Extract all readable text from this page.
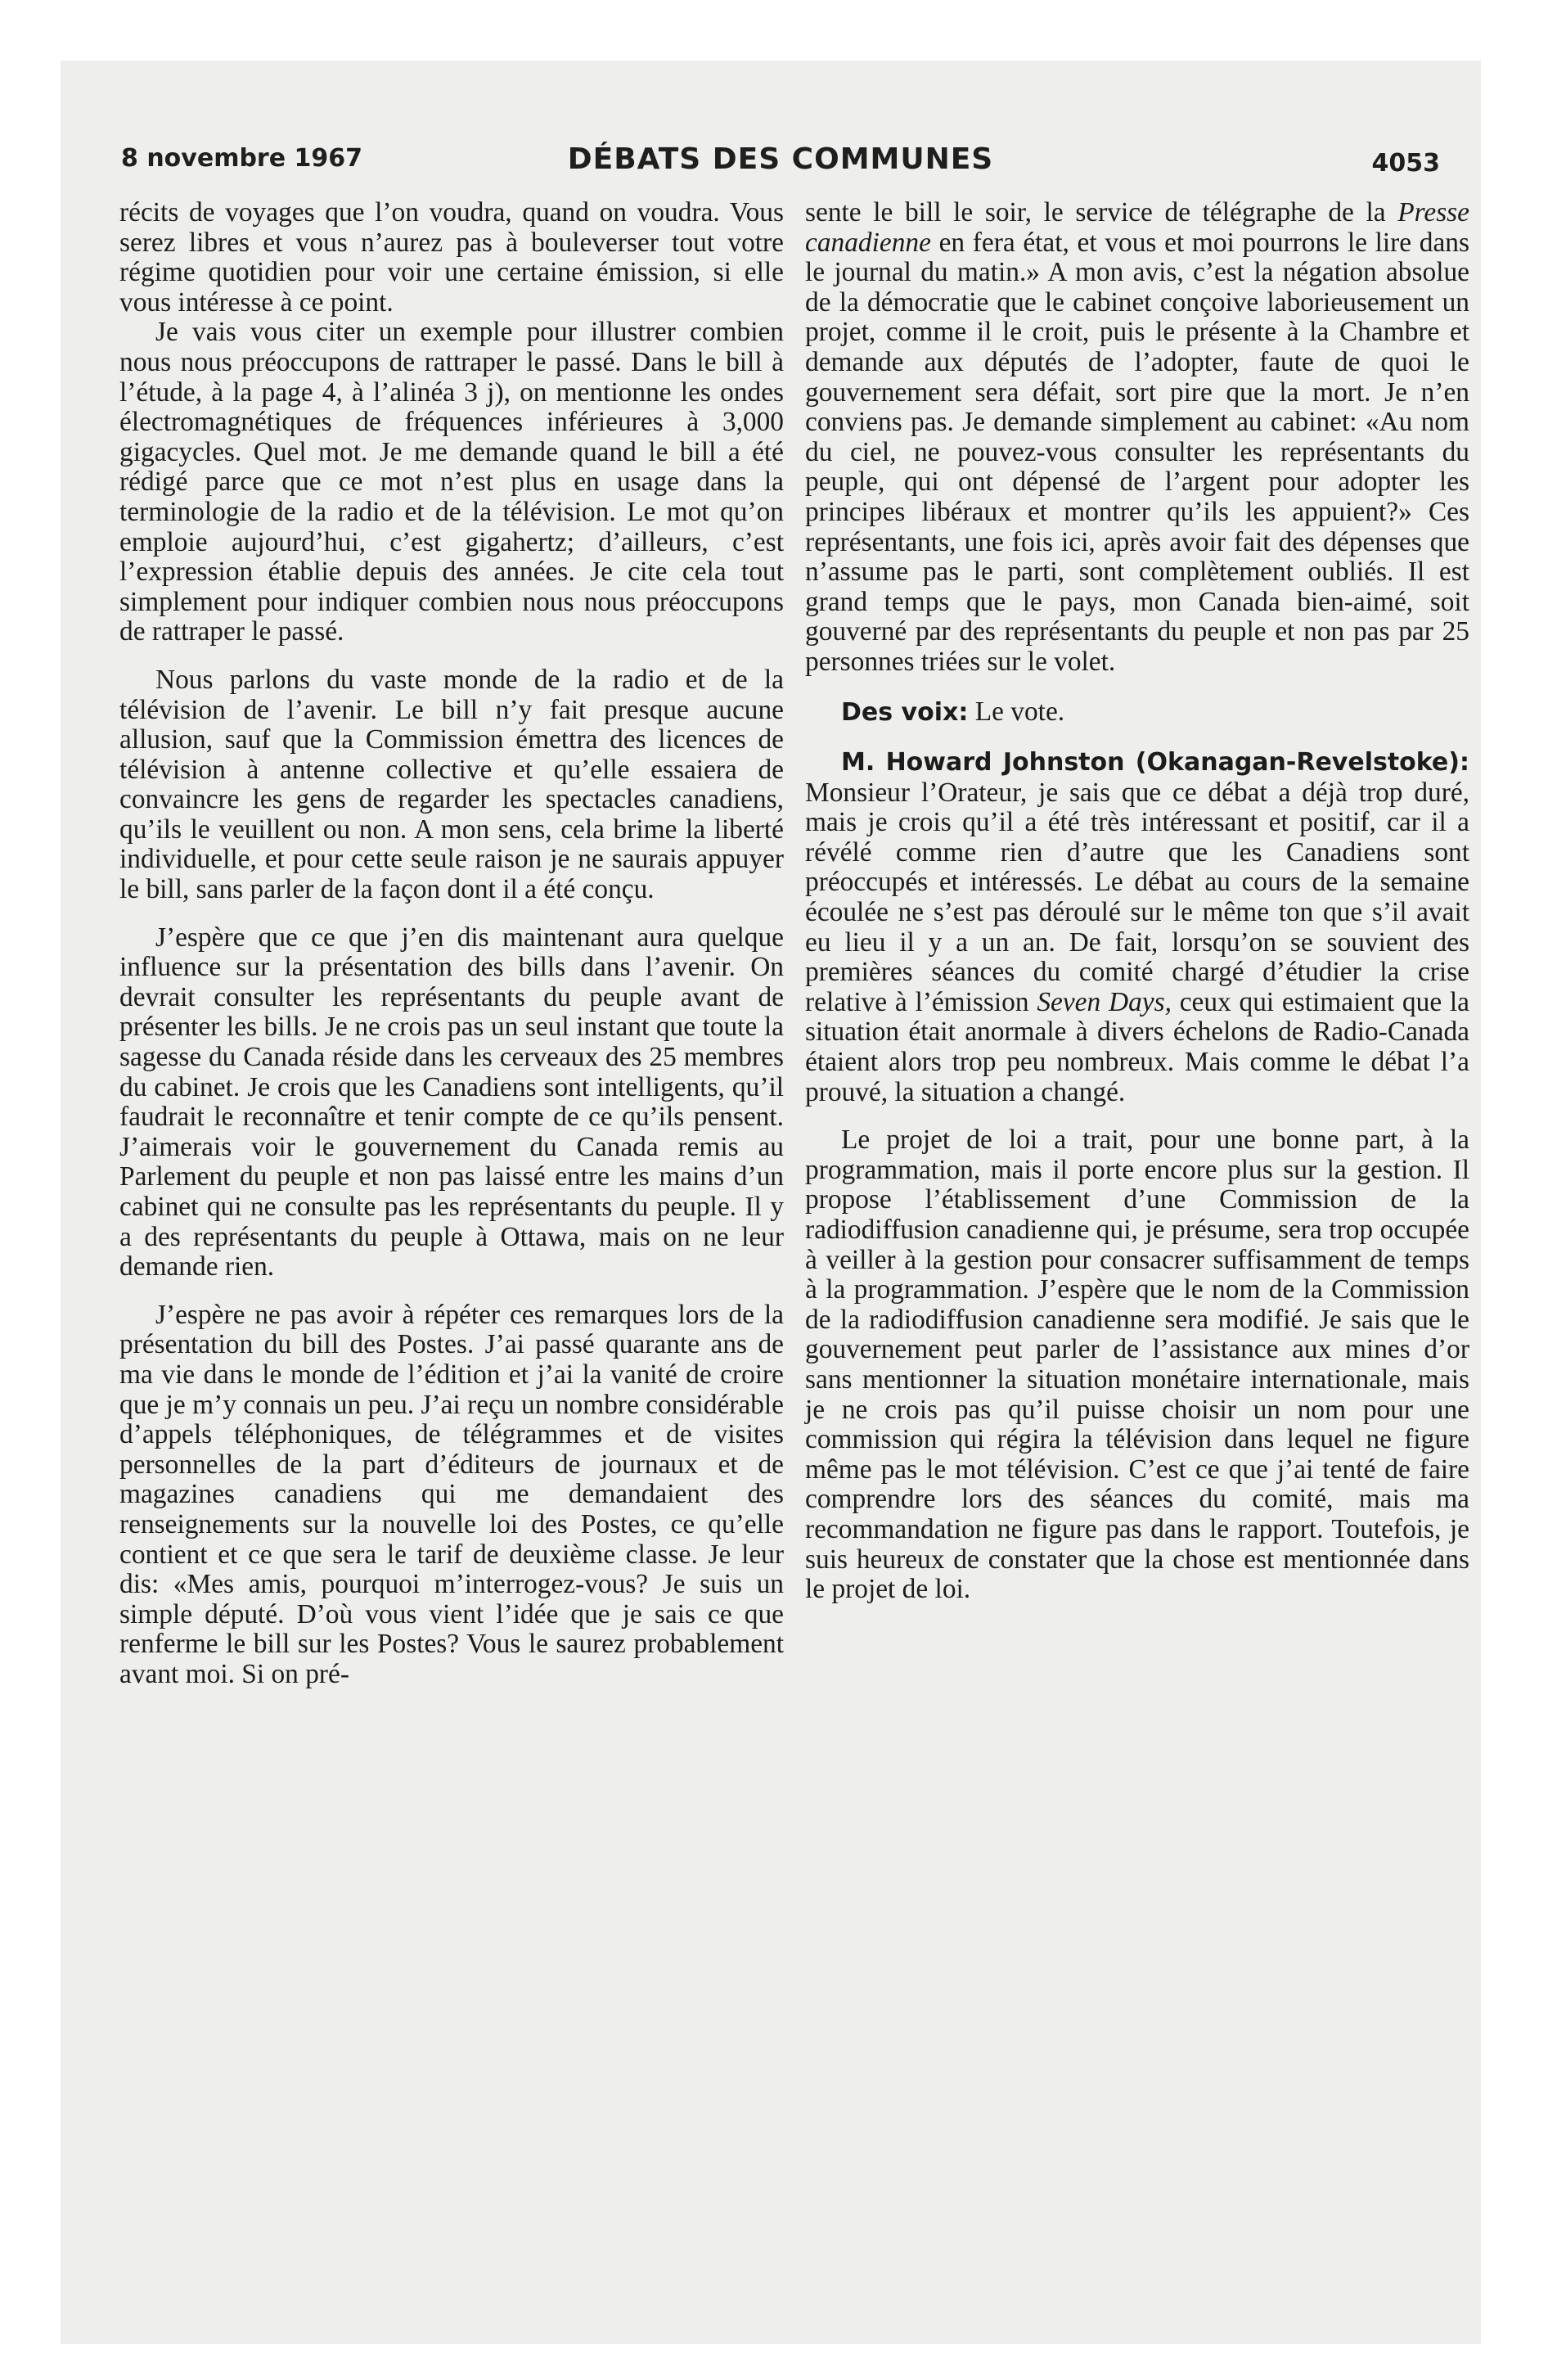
8 novembre 1967	DÉBATS DES COMMUNES	4053

récits de voyages que l’on voudra, quand on voudra. Vous serez libres et vous n’aurez pas à bouleverser tout votre régime quotidien pour voir une certaine émission, si elle vous intéresse à ce point.

Je vais vous citer un exemple pour illustrer combien nous nous préoccupons de rattraper le passé. Dans le bill à l’étude, à la page 4, à l’alinéa 3 j), on mentionne les ondes électromagnétiques de fréquences inférieures à 3,000 gigacycles. Quel mot. Je me demande quand le bill a été rédigé parce que ce mot n’est plus en usage dans la terminologie de la radio et de la télévision. Le mot qu’on emploie aujourd’hui, c’est gigahertz; d’ailleurs, c’est l’expression établie depuis des années. Je cite cela tout simplement pour indiquer combien nous nous préoccupons de rattraper le passé.

Nous parlons du vaste monde de la radio et de la télévision de l’avenir. Le bill n’y fait presque aucune allusion, sauf que la Commission émettra des licences de télévision à antenne collective et qu’elle essaiera de convaincre les gens de regarder les spectacles canadiens, qu’ils le veuillent ou non. A mon sens, cela brime la liberté individuelle, et pour cette seule raison je ne saurais appuyer le bill, sans parler de la façon dont il a été conçu.

J’espère que ce que j’en dis maintenant aura quelque influence sur la présentation des bills dans l’avenir. On devrait consulter les représentants du peuple avant de présenter les bills. Je ne crois pas un seul instant que toute la sagesse du Canada réside dans les cerveaux des 25 membres du cabinet. Je crois que les Canadiens sont intelligents, qu’il faudrait le reconnaître et tenir compte de ce qu’ils pensent. J’aimerais voir le gouvernement du Canada remis au Parlement du peuple et non pas laissé entre les mains d’un cabinet qui ne consulte pas les représentants du peuple. Il y a des représentants du peuple à Ottawa, mais on ne leur demande rien.

J’espère ne pas avoir à répéter ces remarques lors de la présentation du bill des Postes. J’ai passé quarante ans de ma vie dans le monde de l’édition et j’ai la vanité de croire que je m’y connais un peu. J’ai reçu un nombre considérable d’appels téléphoniques, de télégrammes et de visites personnelles de la part d’éditeurs de journaux et de magazines canadiens qui me demandaient des renseignements sur la nouvelle loi des Postes, ce qu’elle contient et ce que sera le tarif de deuxième classe. Je leur dis: «Mes amis, pourquoi m’interrogez-vous? Je suis un simple député. D’où vous vient l’idée que je sais ce que renferme le bill sur les Postes? Vous le saurez probablement avant moi. Si on pré-

sente le bill le soir, le service de télégraphe de la Presse canadienne en fera état, et vous et moi pourrons le lire dans le journal du matin.» A mon avis, c’est la négation absolue de la démocratie que le cabinet conçoive laborieusement un projet, comme il le croit, puis le présente à la Chambre et demande aux députés de l’adopter, faute de quoi le gouvernement sera défait, sort pire que la mort. Je n’en conviens pas. Je demande simplement au cabinet: «Au nom du ciel, ne pouvez-vous consulter les représentants du peuple, qui ont dépensé de l’argent pour adopter les principes libéraux et montrer qu’ils les appuient?» Ces représentants, une fois ici, après avoir fait des dépenses que n’assume pas le parti, sont complètement oubliés. Il est grand temps que le pays, mon Canada bien-aimé, soit gouverné par des représentants du peuple et non pas par 25 personnes triées sur le volet.

Des voix: Le vote.

M. Howard Johnston (Okanagan-Revelstoke): Monsieur l’Orateur, je sais que ce débat a déjà trop duré, mais je crois qu’il a été très intéressant et positif, car il a révélé comme rien d’autre que les Canadiens sont préoccupés et intéressés. Le débat au cours de la semaine écoulée ne s’est pas déroulé sur le même ton que s’il avait eu lieu il y a un an. De fait, lorsqu’on se souvient des premières séances du comité chargé d’étudier la crise relative à l’émission Seven Days, ceux qui estimaient que la situation était anormale à divers échelons de Radio-Canada étaient alors trop peu nombreux. Mais comme le débat l’a prouvé, la situation a changé.

Le projet de loi a trait, pour une bonne part, à la programmation, mais il porte encore plus sur la gestion. Il propose l’établissement d’une Commission de la radiodiffusion canadienne qui, je présume, sera trop occupée à veiller à la gestion pour consacrer suffisamment de temps à la programmation. J’espère que le nom de la Commission de la radiodiffusion canadienne sera modifié. Je sais que le gouvernement peut parler de l’assistance aux mines d’or sans mentionner la situation monétaire internationale, mais je ne crois pas qu’il puisse choisir un nom pour une commission qui régira la télévision dans lequel ne figure même pas le mot télévision. C’est ce que j’ai tenté de faire comprendre lors des séances du comité, mais ma recommandation ne figure pas dans le rapport. Toutefois, je suis heureux de constater que la chose est mentionnée dans le projet de loi.
